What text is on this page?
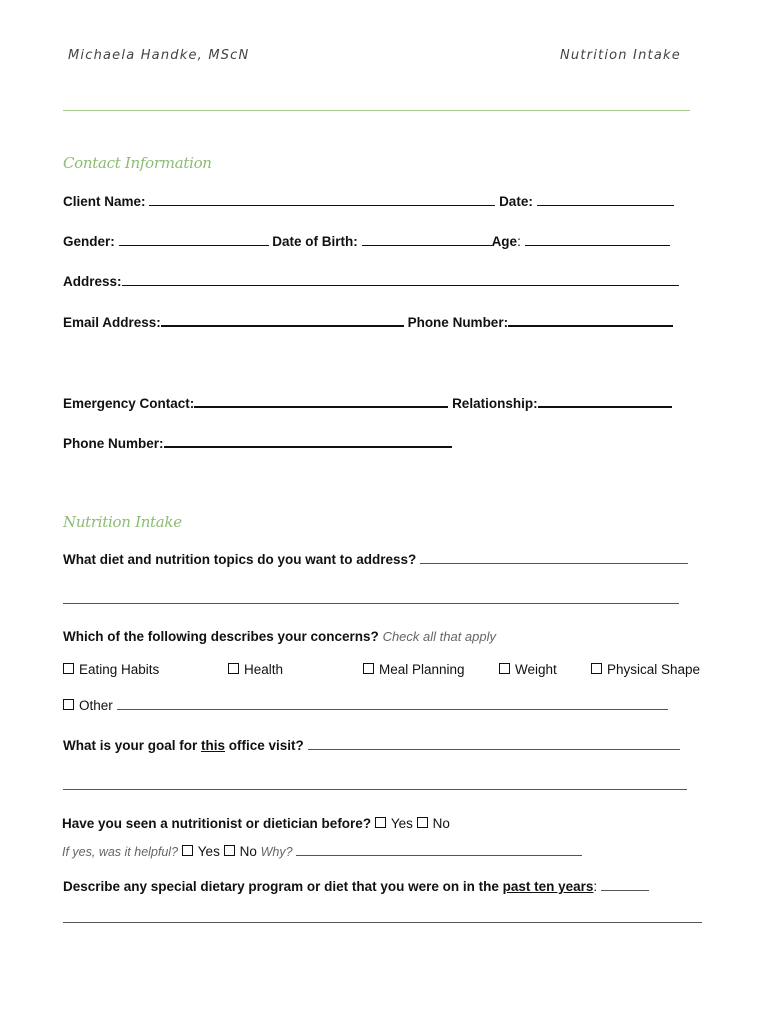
Michaela Handke, MScN	Nutrition Intake
Contact Information
Client Name:	Date:
Gender:	Date of Birth:	Age:
Address:
Email Address:	Phone Number:
Emergency Contact:	Relationship:
Phone Number:
Nutrition Intake
What diet and nutrition topics do you want to address?
Which of the following describes your concerns? Check all that apply
Eating Habits	Health	Meal Planning	Weight	Physical Shape
Other
What is your goal for this office visit?
Have you seen a nutritionist or dietician before? Yes No
If yes, was it helpful? Yes No Why?
Describe any special dietary program or diet that you were on in the past ten years:
